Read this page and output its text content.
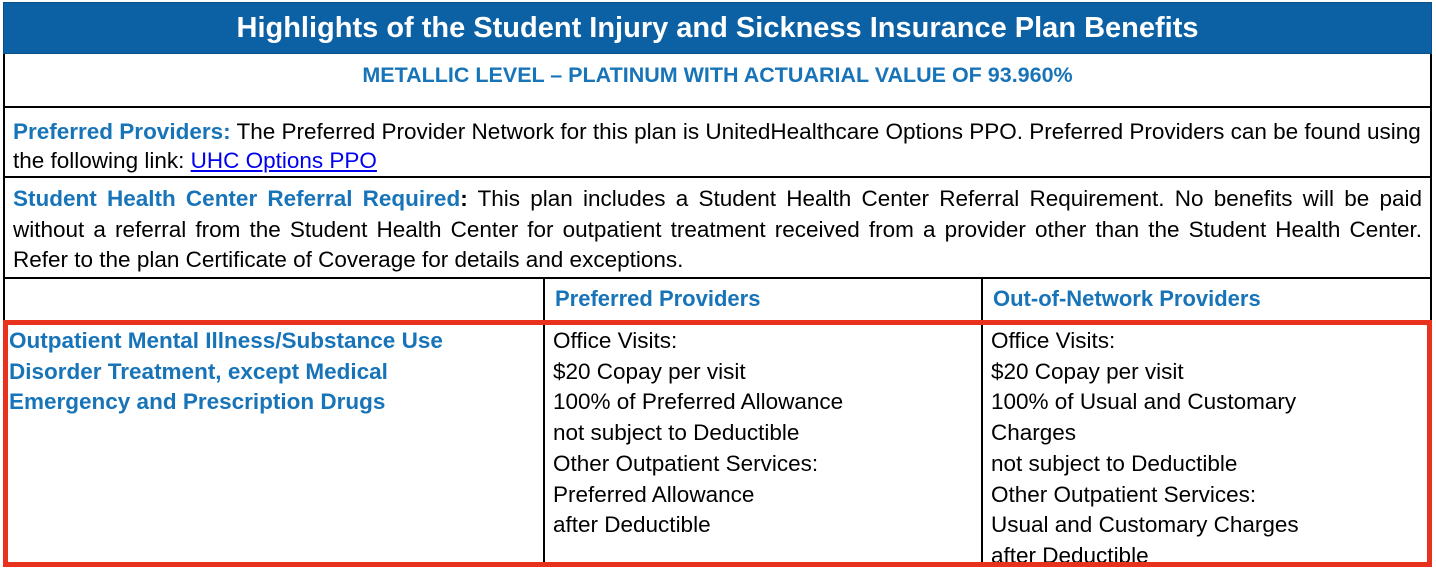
Highlights of the Student Injury and Sickness Insurance Plan Benefits
METALLIC LEVEL – PLATINUM WITH ACTUARIAL VALUE OF 93.960%
Preferred Providers: The Preferred Provider Network for this plan is UnitedHealthcare Options PPO. Preferred Providers can be found using the following link: UHC Options PPO
Student Health Center Referral Required: This plan includes a Student Health Center Referral Requirement. No benefits will be paid without a referral from the Student Health Center for outpatient treatment received from a provider other than the Student Health Center. Refer to the plan Certificate of Coverage for details and exceptions.
Preferred Providers	Out-of-Network Providers
Outpatient Mental Illness/Substance Use
Disorder Treatment, except Medical
Emergency and Prescription Drugs
Office Visits:
$20 Copay per visit
100% of Preferred Allowance
not subject to Deductible
Other Outpatient Services:
Preferred Allowance
after Deductible
Office Visits:
$20 Copay per visit
100% of Usual and Customary
Charges
not subject to Deductible
Other Outpatient Services:
Usual and Customary Charges
after Deductible
